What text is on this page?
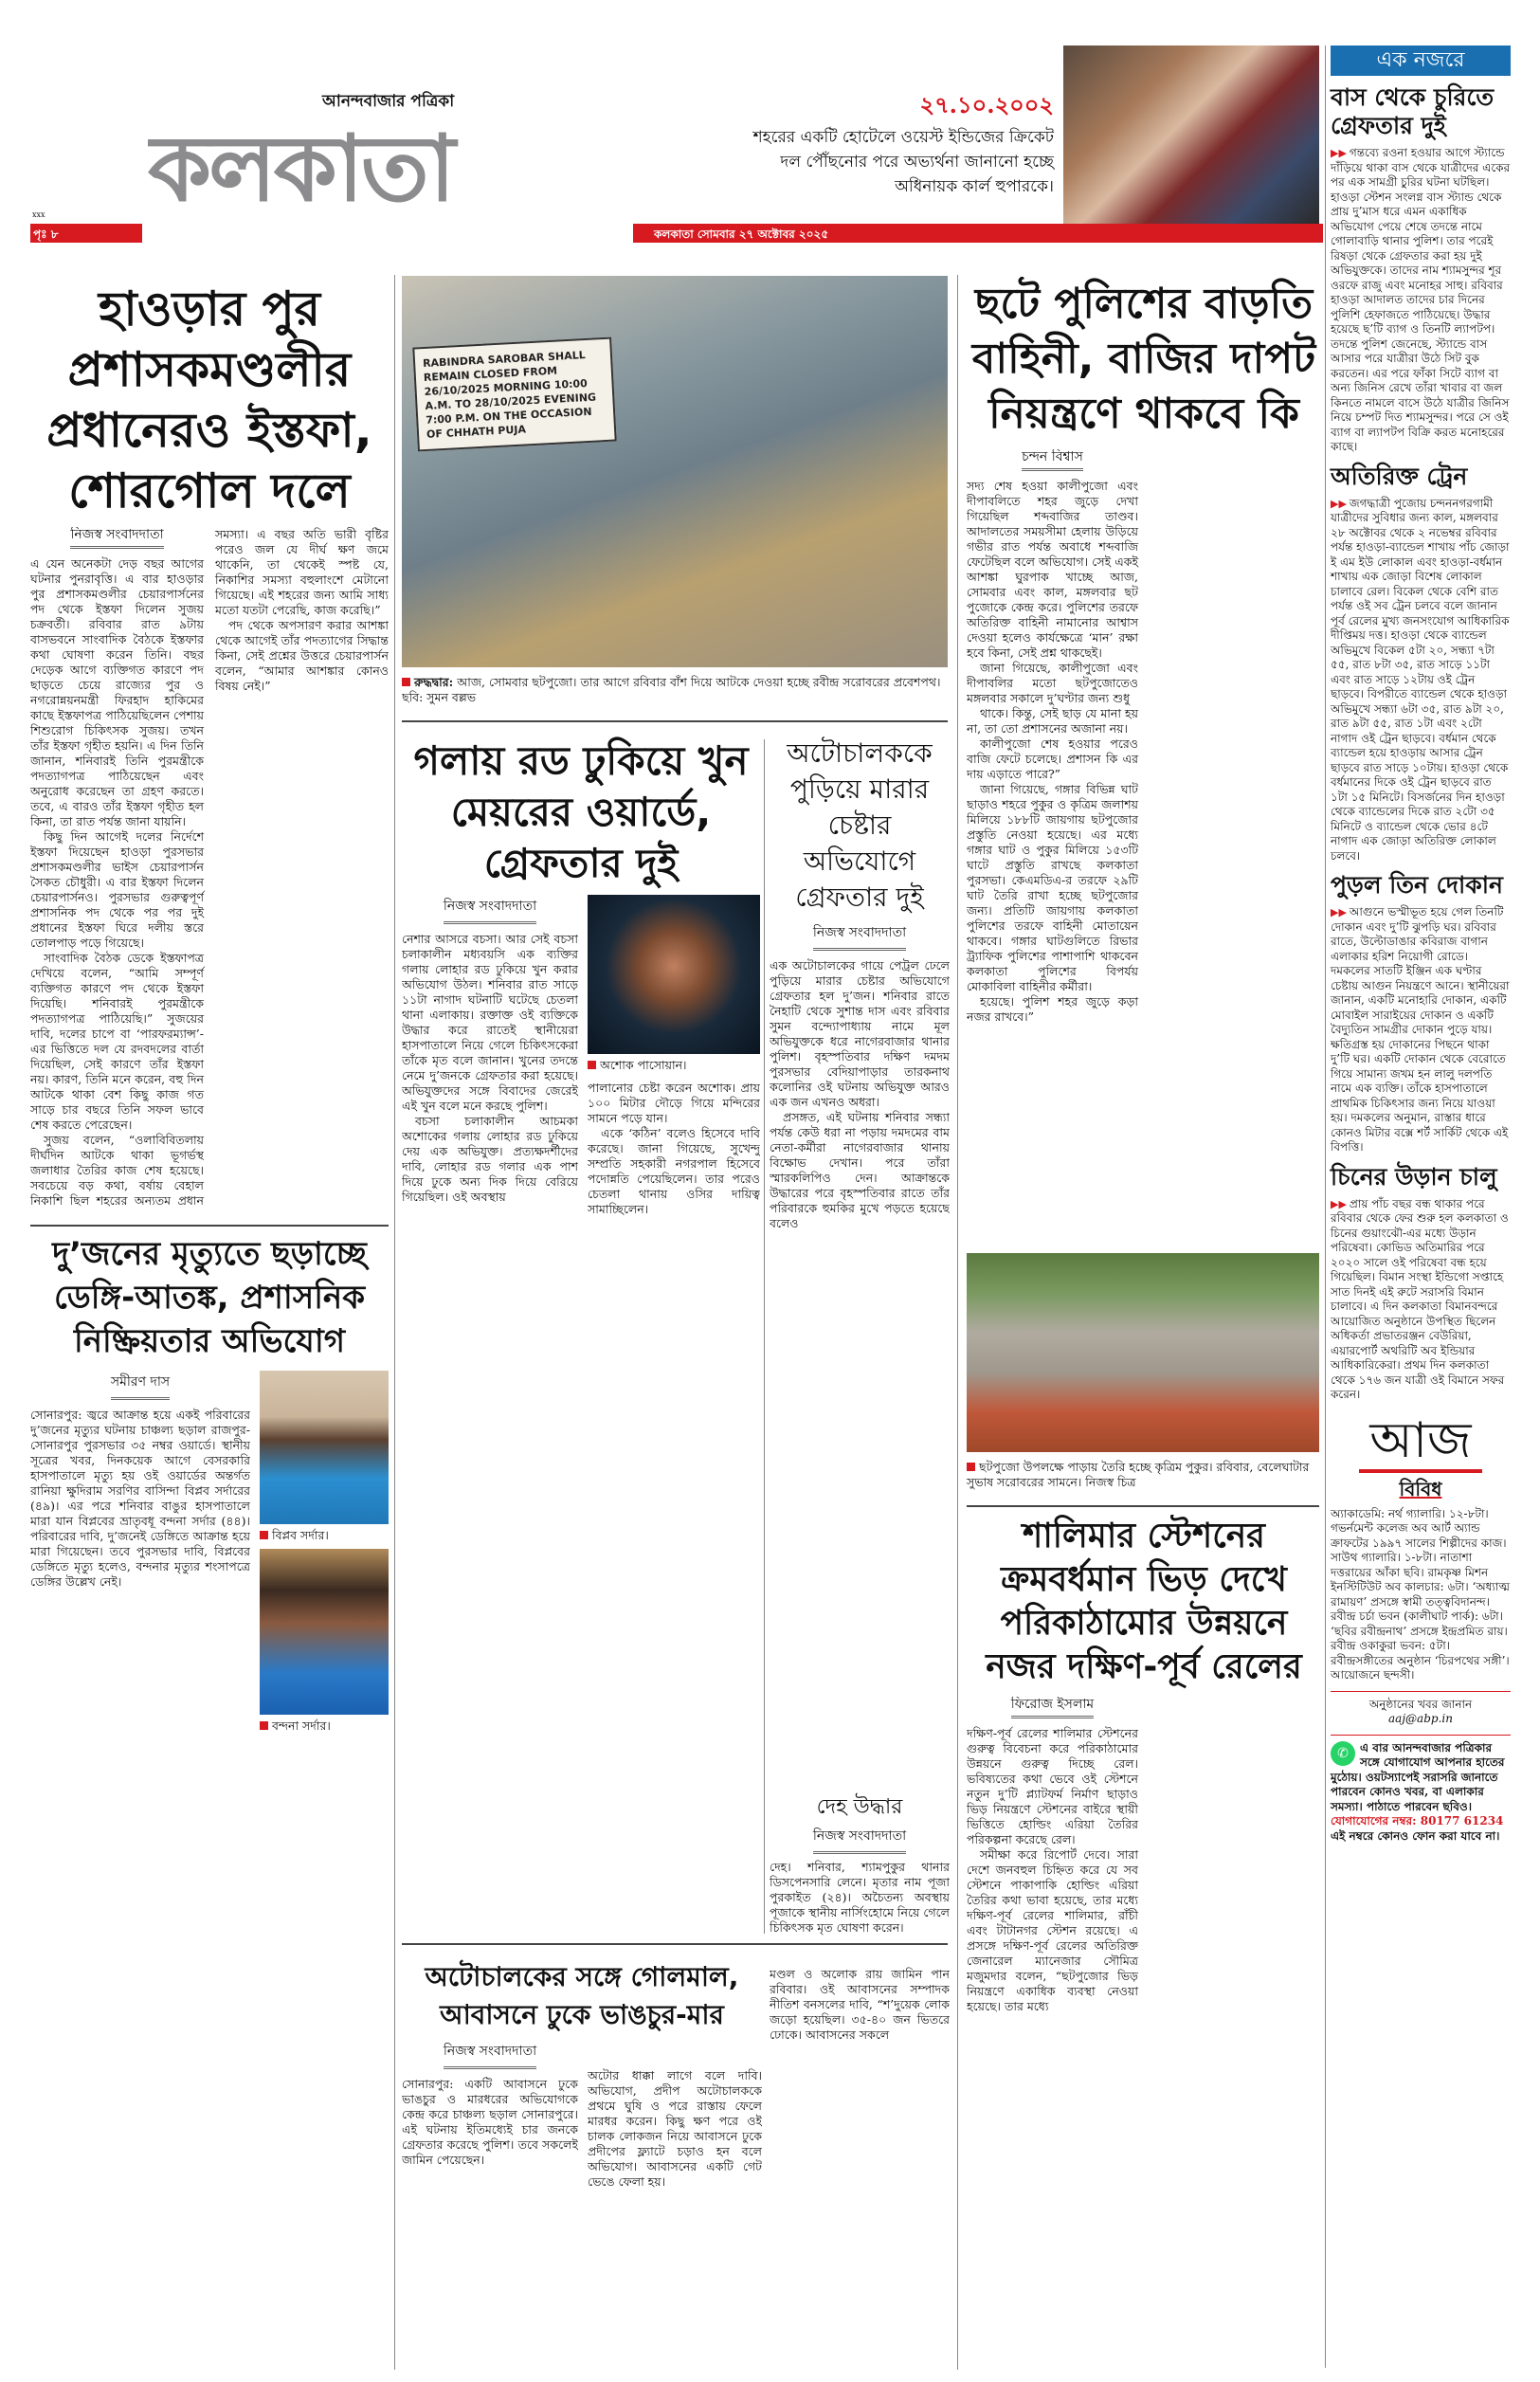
আনন্দবাজার পত্রিকা
কলকাতা
xxx
পৃঃ ৮	কলকাতা সোমবার ২৭ অক্টোবর ২০২৫
২৭.১০.২০০২
শহরের একটি হোটেলে ওয়েস্ট ইন্ডিজের ক্রিকেট দল পৌঁছনোর পরে অভ্যর্থনা জানানো হচ্ছে অধিনায়ক কার্ল হুপারকে।
এক নজরে
বাস থেকে চুরিতে গ্রেফতার দুই
▶▶ গন্তব্যে রওনা হওয়ার আগে স্ট্যান্ডে দাঁড়িয়ে থাকা বাস থেকে যাত্রীদের একের পর এক সামগ্রী চুরির ঘটনা ঘটছিল। হাওড়া স্টেশন সংলগ্ন বাস স্ট্যান্ড থেকে প্রায় দু’মাস ধরে এমন একাধিক অভিযোগ পেয়ে শেষে তদন্তে নামে গোলাবাড়ি থানার পুলিশ। তার পরেই রিষড়া থেকে গ্রেফতার করা হয় দুই অভিযুক্তকে। তাদের নাম শ্যামসুন্দর শূর ওরফে রাজু এবং মনোহর সাহু। রবিবার হাওড়া আদালত তাদের চার দিনের পুলিশি হেফাজতে পাঠিয়েছে। উদ্ধার হয়েছে ছ’টি ব্যাগ ও তিনটি ল্যাপটপ। তদন্তে পুলিশ জেনেছে, স্ট্যান্ডে বাস আসার পরে যাত্রীরা উঠে সিট বুক করতেন। এর পরে ফাঁকা সিটে ব্যাগ বা অন্য জিনিস রেখে তাঁরা খাবার বা জল কিনতে নামলে বাসে উঠে যাত্রীর জিনিস নিয়ে চম্পট দিত শ্যামসুন্দর। পরে সে ওই ব্যাগ বা ল্যাপটপ বিক্রি করত মনোহরের কাছে।
অতিরিক্ত ট্রেন
▶▶ জগদ্ধাত্রী পুজোয় চন্দননগরগামী যাত্রীদের সুবিধার জন্য কাল, মঙ্গলবার ২৮ অক্টোবর থেকে ২ নভেম্বর রবিবার পর্যন্ত হাওড়া-ব্যান্ডেল শাখায় পাঁচ জোড়া ই এম ইউ লোকাল এবং হাওড়া-বর্ধমান শাখায় এক জোড়া বিশেষ লোকাল চালাবে রেল। বিকেল থেকে বেশি রাত পর্যন্ত ওই সব ট্রেন চলবে বলে জানান পূর্ব রেলের মুখ্য জনসংযোগ আধিকারিক দীপ্তিময় দত্ত। হাওড়া থেকে ব্যান্ডেল অভিমুখে বিকেল ৫টা ২০, সন্ধ্যা ৭টা ৫৫, রাত ৮টা ৩৫, রাত সাড়ে ১১টা এবং রাত সাড়ে ১২টায় ওই ট্রেন ছাড়বে। বিপরীতে ব্যান্ডেল থেকে হাওড়া অভিমুখে সন্ধ্যা ৬টা ৩৫, রাত ৯টা ২০, রাত ৯টা ৫৫, রাত ১টা এবং ২টো নাগাদ ওই ট্রেন ছাড়বে। বর্ধমান থেকে ব্যান্ডেল হয়ে হাওড়ায় আসার ট্রেন ছাড়বে রাত সাড়ে ১০টায়। হাওড়া থেকে বর্ধমানের দিকে ওই ট্রেন ছাড়বে রাত ১টা ১৫ মিনিটে। বিসর্জনের দিন হাওড়া থেকে ব্যান্ডেলের দিকে রাত ২টো ৩৫ মিনিটে ও ব্যান্ডেল থেকে ভোর ৪টে নাগাদ এক জোড়া অতিরিক্ত লোকাল চলবে।
পুড়ল তিন দোকান
▶▶ আগুনে ভস্মীভূত হয়ে গেল তিনটি দোকান এবং দু’টি ঝুপড়ি ঘর। রবিবার রাতে, উল্টোডাঙার কবিরাজ বাগান এলাকার হরিশ নিয়োগী রোডে। দমকলের সাতটি ইঞ্জিন এক ঘণ্টার চেষ্টায় আগুন নিয়ন্ত্রণে আনে। স্থানীয়েরা জানান, একটি মনোহারি দোকান, একটি মোবাইল সারাইয়ের দোকান ও একটি বৈদ্যুতিন সামগ্রীর দোকান পুড়ে যায়। ক্ষতিগ্রস্ত হয় দোকানের পিছনে থাকা দু’টি ঘর। একটি দোকান থেকে বেরোতে গিয়ে সামান্য জখম হন লালু দলপতি নামে এক ব্যক্তি। তাঁকে হাসপাতালে প্রাথমিক চিকিৎসার জন্য নিয়ে যাওয়া হয়। দমকলের অনুমান, রাস্তার ধারে কোনও মিটার বক্সে শর্ট সার্কিট থেকে এই বিপত্তি।
চিনের উড়ান চালু
▶▶ প্রায় পাঁচ বছর বন্ধ থাকার পরে রবিবার থেকে ফের শুরু হল কলকাতা ও চিনের গুয়াংঝৌ-এর মধ্যে উড়ান পরিষেবা। কোভিড অতিমারির পরে ২০২০ সালে ওই পরিষেবা বন্ধ হয়ে গিয়েছিল। বিমান সংস্থা ইন্ডিগো সপ্তাহে সাত দিনই এই রুটে সরাসরি বিমান চালাবে। এ দিন কলকাতা বিমানবন্দরে আয়োজিত অনুষ্ঠানে উপস্থিত ছিলেন অধিকর্তা প্রভাতরঞ্জন বেউরিয়া, এয়ারপোর্ট অথরিটি অব ইন্ডিয়ার আধিকারিকেরা। প্রথম দিন কলকাতা থেকে ১৭৬ জন যাত্রী ওই বিমানে সফর করেন।
আজ
বিবিধ
অ্যাকাডেমি: নর্থ গ্যালারি। ১২-৮টা। গভর্নমেন্ট কলেজ অব আর্ট অ্যান্ড ক্রাফটের ১৯৯৭ সালের শিল্পীদের কাজ। সাউথ গ্যালারি। ১-৮টা। নাতাশা দত্তরায়ের আঁকা ছবি। রামকৃষ্ণ মিশন ইনস্টিটিউট অব কালচার: ৬টা। ‘অধ্যাত্ম রামায়ণ’ প্রসঙ্গে স্বামী তত্ত্ববিদানন্দ। রবীন্দ্র চর্চা ভবন (কালীঘাট পার্ক): ৬টা। ‘ছবির রবীন্দ্রনাথ’ প্রসঙ্গে ইন্দ্রপ্রমিত রায়। রবীন্দ্র ওকাকুরা ভবন: ৫টা। রবীন্দ্রসঙ্গীতের অনুষ্ঠান ‘চিরপথের সঙ্গী’। আয়োজনে ছন্দসী।
অনুষ্ঠানের খবর জানান
aaj@abp.in
✆	এ বার আনন্দবাজার পত্রিকার সঙ্গে যোগাযোগ আপনার হাতের মুঠোয়। ওয়টস্যাপেই সরাসরি জানাতে পারবেন কোনও খবর, বা এলাকার সমস্যা। পাঠাতে পারবেন ছবিও।
যোগাযোগের নম্বর: 80177 61234
এই নম্বরে কোনও ফোন করা যাবে না।
হাওড়ার পুর প্রশাসকমণ্ডলীর প্রধানেরও ইস্তফা, শোরগোল দলে
নিজস্ব সংবাদদাতা

এ যেন অনেকটা দেড় বছর আগের ঘটনার পুনরাবৃত্তি। এ বার হাওড়ার পুর প্রশাসকমণ্ডলীর চেয়ারপার্সনের পদ থেকে ইস্তফা দিলেন সুজয় চক্রবর্তী। রবিবার রাত ৯টায় বাসভবনে সাংবাদিক বৈঠকে ইস্তফার কথা ঘোষণা করেন তিনি। বছর দেড়েক আগে ব্যক্তিগত কারণে পদ ছাড়তে চেয়ে রাজ্যের পুর ও নগরোন্নয়নমন্ত্রী ফিরহাদ হাকিমের কাছে ইস্তফাপত্র পাঠিয়েছিলেন পেশায় শিশুরোগ চিকিৎসক সুজয়। তখন তাঁর ইস্তফা গৃহীত হয়নি। এ দিন তিনি জানান, শনিবারই তিনি পুরমন্ত্রীকে পদত্যাগপত্র পাঠিয়েছেন এবং অনুরোধ করেছেন তা গ্রহণ করতে। তবে, এ বারও তাঁর ইস্তফা গৃহীত হল কিনা, তা রাত পর্যন্ত জানা যায়নি।

কিছু দিন আগেই দলের নির্দেশে ইস্তফা দিয়েছেন হাওড়া পুরসভার প্রশাসকমণ্ডলীর ভাইস চেয়ারপার্সন সৈকত চৌধুরী। এ বার ইস্তফা দিলেন চেয়ারপার্সনও। পুরসভার গুরুত্বপূর্ণ প্রশাসনিক পদ থেকে পর পর দুই প্রধানের ইস্তফা ঘিরে দলীয় স্তরে তোলপাড় পড়ে গিয়েছে।

সাংবাদিক বৈঠক ডেকে ইস্তফাপত্র দেখিয়ে বলেন, “আমি সম্পূর্ণ ব্যক্তিগত কারণে পদ থেকে ইস্তফা দিয়েছি। শনিবারই পুরমন্ত্রীকে পদত্যাগপত্র পাঠিয়েছি।” সুজয়ের দাবি, দলের চাপে বা ‘পারফরম্যান্স’-এর ভিত্তিতে দল যে রদবদলের বার্তা দিয়েছিল, সেই কারণে তাঁর ইস্তফা নয়। কারণ, তিনি মনে করেন, বহু দিন আটকে থাকা বেশ কিছু কাজ গত সাড়ে চার বছরে তিনি সফল ভাবে শেষ করতে পেরেছেন।

সুজয় বলেন, “ওলাবিবিতলায় দীর্ঘদিন আটকে থাকা ভূগর্ভস্থ জলাধার তৈরির কাজ শেষ হয়েছে। সবচেয়ে বড় কথা, বর্ষায় বেহাল নিকাশি ছিল শহরের অন্যতম প্রধান সমস্যা। এ বছর অতি ভারী বৃষ্টির পরেও জল যে দীর্ঘ ক্ষণ জমে থাকেনি, তা থেকেই স্পষ্ট যে, নিকাশির সমস্যা বহুলাংশে মেটানো গিয়েছে। এই শহরের জন্য আমি সাধ্য মতো যতটা পেরেছি, কাজ করেছি।”

পদ থেকে অপসারণ করার আশঙ্কা থেকে আগেই তাঁর পদত্যাগের সিদ্ধান্ত কিনা, সেই প্রশ্নের উত্তরে চেয়ারপার্সন বলেন, “আমার আশঙ্কার কোনও বিষয় নেই।”

দু’জনের মৃত্যুতে ছড়াচ্ছে ডেঙ্গি-আতঙ্ক, প্রশাসনিক নিষ্ক্রিয়তার অভিযোগ
সমীরণ দাস

সোনারপুর: জ্বরে আক্রান্ত হয়ে একই পরিবারের দু’জনের মৃত্যুর ঘটনায় চাঞ্চল্য ছড়াল রাজপুর-সোনারপুর পুরসভার ৩৫ নম্বর ওয়ার্ডে। স্থানীয় সূত্রের খবর, দিনকয়েক আগে বেসরকারি হাসপাতালে মৃত্যু হয় ওই ওয়ার্ডের অন্তর্গত রানিয়া ক্ষুদিরাম সরণির বাসিন্দা বিপ্লব সর্দারের (৪৯)। এর পরে শনিবার বাঙুর হাসপাতালে মারা যান বিপ্লবের ভ্রাতৃবধূ বন্দনা সর্দার (৪৪)। পরিবারের দাবি, দু’জনেই ডেঙ্গিতে আক্রান্ত হয়ে মারা গিয়েছেন। তবে পুরসভার দাবি, বিপ্লবের ডেঙ্গিতে মৃত্যু হলেও, বন্দনার মৃত্যুর শংসাপত্রে ডেঙ্গির উল্লেখ নেই।

বিপ্লব সর্দার।
বন্দনা সর্দার।
RABINDRA SAROBAR SHALL REMAIN CLOSED FROM 26/10/2025 MORNING 10:00 A.M. TO 28/10/2025 EVENING 7:00 P.M. ON THE OCCASION OF CHHATH PUJA
রুদ্ধদ্বার: আজ, সোমবার ছটপুজো। তার আগে রবিবার বাঁশ দিয়ে আটকে দেওয়া হচ্ছে রবীন্দ্র সরোবরের প্রবেশপথ। ছবি: সুমন বল্লভ
গলায় রড ঢুকিয়ে খুন মেয়রের ওয়ার্ডে, গ্রেফতার দুই
নিজস্ব সংবাদদাতা

নেশার আসরে বচসা। আর সেই বচসা চলাকালীন মধ্যবয়সি এক ব্যক্তির গলায় লোহার রড ঢুকিয়ে খুন করার অভিযোগ উঠল। শনিবার রাত সাড়ে ১১টা নাগাদ ঘটনাটি ঘটেছে চেতলা থানা এলাকায়। রক্তাক্ত ওই ব্যক্তিকে উদ্ধার করে রাতেই স্থানীয়েরা হাসপাতালে নিয়ে গেলে চিকিৎসকেরা তাঁকে মৃত বলে জানান। খুনের তদন্তে নেমে দু’জনকে গ্রেফতার করা হয়েছে। অভিযুক্তদের সঙ্গে বিবাদের জেরেই এই খুন বলে মনে করছে পুলিশ।

বচসা চলাকালীন আচমকা অশোকের গলায় লোহার রড ঢুকিয়ে দেয় এক অভিযুক্ত। প্রত্যক্ষদর্শীদের দাবি, লোহার রড গলার এক পাশ দিয়ে ঢুকে অন্য দিক দিয়ে বেরিয়ে গিয়েছিল। ওই অবস্থায়

অশোক পাসোয়ান।

পালানোর চেষ্টা করেন অশোক। প্রায় ১০০ মিটার দৌড়ে গিয়ে মন্দিরের সামনে পড়ে যান।

একে ‘কঠিন’ বলেও হিসেবে দাবি করেছে। জানা গিয়েছে, সুখেন্দু সম্প্রতি সহকারী নগরপাল হিসেবে পদোন্নতি পেয়েছিলেন। তার পরেও চেতলা থানায় ওসির দায়িত্ব সামাচ্ছিলেন।

অটোচালককে পুড়িয়ে মারার চেষ্টার অভিযোগে গ্রেফতার দুই
নিজস্ব সংবাদদাতা

এক অটোচালকের গায়ে পেট্রল ঢেলে পুড়িয়ে মারার চেষ্টার অভিযোগে গ্রেফতার হল দু’জন। শনিবার রাতে নৈহাটি থেকে সুশান্ত দাস এবং রবিবার সুমন বন্দ্যোপাধ্যায় নামে মূল অভিযুক্তকে ধরে নাগেরবাজার থানার পুলিশ। বৃহস্পতিবার দক্ষিণ দমদম পুরসভার বেদিয়াপাড়ার তারকনাথ কলোনির ওই ঘটনায় অভিযুক্ত আরও এক জন এখনও অধরা।

প্রসঙ্গত, এই ঘটনায় শনিবার সন্ধ্যা পর্যন্ত কেউ ধরা না পড়ায় দমদমের বাম নেতা-কর্মীরা নাগেরবাজার থানায় বিক্ষোভ দেখান। পরে তাঁরা স্মারকলিপিও দেন। আক্রান্তকে উদ্ধারের পরে বৃহস্পতিবার রাতে তাঁর পরিবারকে হুমকির মুখে পড়তে হয়েছে বলেও

দেহ উদ্ধার
নিজস্ব সংবাদদাতা

দেহ। শনিবার, শ্যামপুকুর থানার ডিসপেনসারি লেনে। মৃতার নাম পূজা পুরকাইত (২৪)। অচৈতন্য অবস্থায় পূজাকে স্থানীয় নার্সিংহোমে নিয়ে গেলে চিকিৎসক মৃত ঘোষণা করেন।

অটোচালকের সঙ্গে গোলমাল, আবাসনে ঢুকে ভাঙচুর-মার
নিজস্ব সংবাদদাতা

সোনারপুর: একটি আবাসনে ঢুকে ভাঙচুর ও মারধরের অভিযোগকে কেন্দ্র করে চাঞ্চল্য ছড়াল সোনারপুরে। এই ঘটনায় ইতিমধ্যেই চার জনকে গ্রেফতার করেছে পুলিশ। তবে সকলেই জামিন পেয়েছেন।

অটোর ধাক্কা লাগে বলে দাবি। অভিযোগ, প্রদীপ অটোচালককে প্রথমে ঘুষি ও পরে রাস্তায় ফেলে মারধর করেন। কিছু ক্ষণ পরে ওই চালক লোকজন নিয়ে আবাসনে ঢুকে প্রদীপের ফ্ল্যাটে চড়াও হন বলে অভিযোগ। আবাসনের একটি গেট ভেঙে ফেলা হয়।

মণ্ডল ও অলোক রায় জামিন পান রবিবার। ওই আবাসনের সম্পাদক নীতিশ বনসলের দাবি, “শ’দুয়েক লোক জড়ো হয়েছিল। ৩৫-৪০ জন ভিতরে ঢোকে। আবাসনের সকলে

ছটে পুলিশের বাড়তি বাহিনী, বাজির দাপট নিয়ন্ত্রণে থাকবে কি
চন্দন বিশ্বাস

সদ্য শেষ হওয়া কালীপুজো এবং দীপাবলিতে শহর জুড়ে দেখা গিয়েছিল শব্দবাজির তাণ্ডব। আদালতের সময়সীমা হেলায় উড়িয়ে গভীর রাত পর্যন্ত অবাধে শব্দবাজি ফেটেছিল বলে অভিযোগ। সেই একই আশঙ্কা ঘুরপাক খাচ্ছে আজ, সোমবার এবং কাল, মঙ্গলবার ছট পুজোকে কেন্দ্র করে। পুলিশের তরফে অতিরিক্ত বাহিনী নামানোর আশ্বাস দেওয়া হলেও কার্যক্ষেত্রে ‘মান’ রক্ষা হবে কিনা, সেই প্রশ্ন থাকছেই।

জানা গিয়েছে, কালীপুজো এবং দীপাবলির মতো ছটপুজোতেও মঙ্গলবার সকালে দু’ঘণ্টার জন্য শুধু

থাকে। কিন্তু, সেই ছাড় যে মানা হয় না, তা তো প্রশাসনের অজানা নয়।

কালীপুজো শেষ হওয়ার পরেও বাজি ফেটে চলেছে। প্রশাসন কি এর দায় এড়াতে পারে?”

জানা গিয়েছে, গঙ্গার বিভিন্ন ঘাট ছাড়াও শহরে পুকুর ও কৃত্রিম জলাশয় মিলিয়ে ১৮৮টি জায়গায় ছটপুজোর প্রস্তুতি নেওয়া হয়েছে। এর মধ্যে গঙ্গার ঘাট ও পুকুর মিলিয়ে ১৫৩টি ঘাটে প্রস্তুতি রাখছে কলকাতা পুরসভা। কেএমডিএ-র তরফে ২৯টি ঘাট তৈরি রাখা হচ্ছে ছটপুজোর জন্য। প্রতিটি জায়গায় কলকাতা পুলিশের তরফে বাহিনী মোতায়েন থাকবে। গঙ্গার ঘাটগুলিতে রিভার ট্র্যাফিক পুলিশের পাশাপাশি থাকবেন কলকাতা পুলিশের বিপর্যয় মোকাবিলা বাহিনীর কর্মীরা।

হয়েছে। পুলিশ শহর জুড়ে কড়া নজর রাখবে।”

ছটপুজো উপলক্ষে পাড়ায় তৈরি হচ্ছে কৃত্রিম পুকুর। রবিবার, বেলেঘাটার সুভাষ সরোবরের সামনে। নিজস্ব চিত্র
শালিমার স্টেশনের ক্রমবর্ধমান ভিড় দেখে পরিকাঠামোর উন্নয়নে নজর দক্ষিণ-পূর্ব রেলের
ফিরোজ ইসলাম

দক্ষিণ-পূর্ব রেলের শালিমার স্টেশনের গুরুত্ব বিবেচনা করে পরিকাঠামোর উন্নয়নে গুরুত্ব দিচ্ছে রেল। ভবিষ্যতের কথা ভেবে ওই স্টেশনে নতুন দু’টি প্ল্যাটফর্ম নির্মাণ ছাড়াও ভিড় নিয়ন্ত্রণে স্টেশনের বাইরে স্থায়ী ভিত্তিতে হোল্ডিং এরিয়া তৈরির পরিকল্পনা করেছে রেল।

সমীক্ষা করে রিপোর্ট দেবে। সারা দেশে জনবহুল চিহ্নিত করে যে সব স্টেশনে পাকাপাকি হোল্ডিং এরিয়া তৈরির কথা ভাবা হয়েছে, তার মধ্যে দক্ষিণ-পূর্ব রেলের শালিমার, রাঁচী এবং টাটানগর স্টেশন রয়েছে। এ প্রসঙ্গে দক্ষিণ-পূর্ব রেলের অতিরিক্ত জেনারেল ম্যানেজার সৌমিত্র মজুমদার বলেন, “ছটপুজোর ভিড় নিয়ন্ত্রণে একাধিক ব্যবস্থা নেওয়া হয়েছে। তার মধ্যে
